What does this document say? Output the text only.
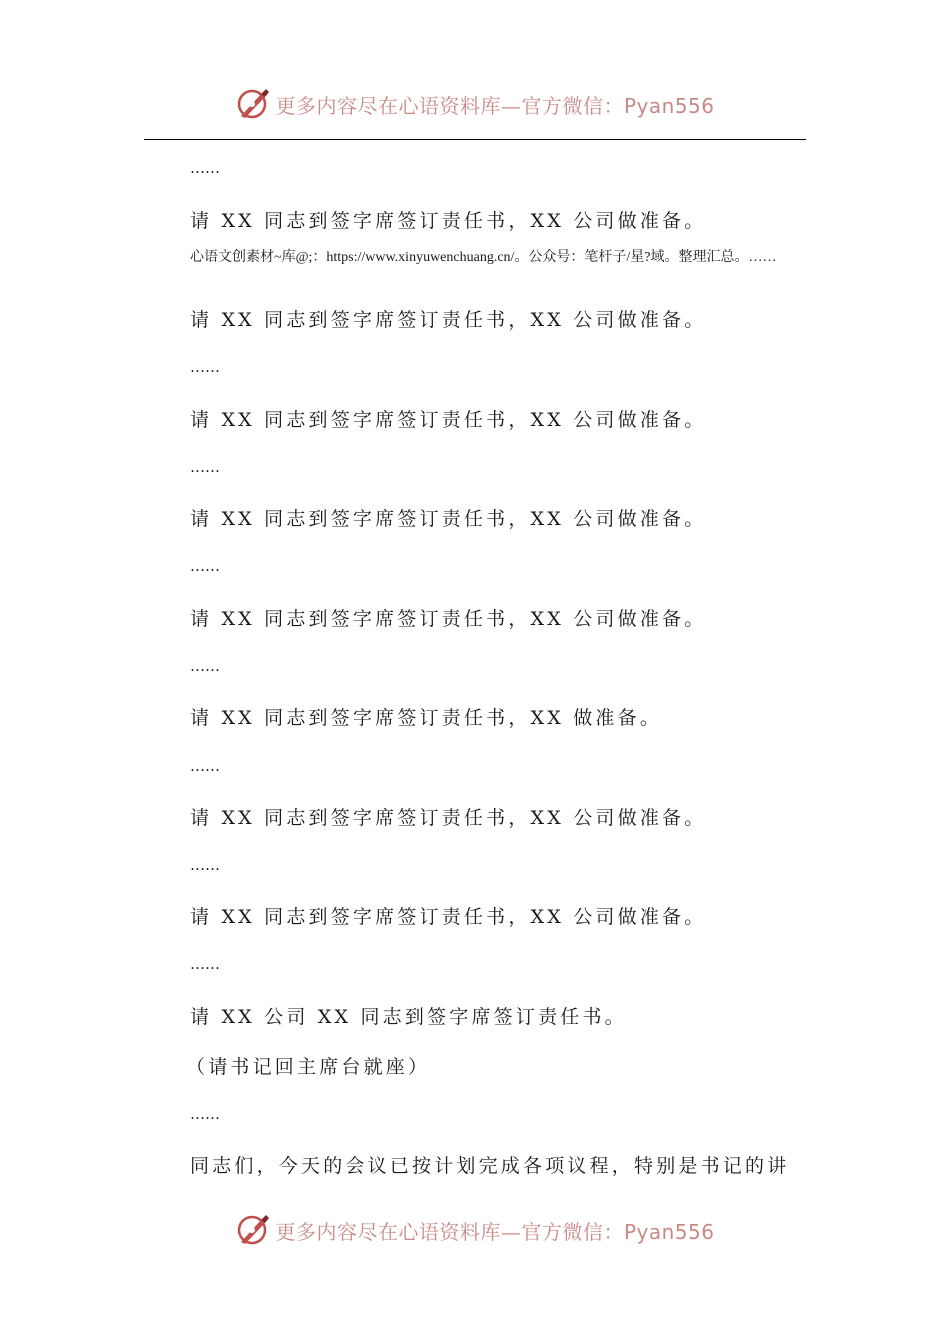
更多内容尽在心语资料库—官方微信：Pyan556
……
请 XX 同志到签字席签订责任书，XX 公司做准备。

心语文创素材~库@;：https://www.xinyuwenchuang.cn/。公众号：笔杆子/星?域。整理汇总。……

请 XX 同志到签字席签订责任书，XX 公司做准备。
……
请 XX 同志到签字席签订责任书，XX 公司做准备。
……
请 XX 同志到签字席签订责任书，XX 公司做准备。
……
请 XX 同志到签字席签订责任书，XX 公司做准备。
……
请 XX 同志到签字席签订责任书，XX 做准备。
……
请 XX 同志到签字席签订责任书，XX 公司做准备。
……
请 XX 同志到签字席签订责任书，XX 公司做准备。
……
请 XX 公司 XX 同志到签字席签订责任书。
（请书记回主席台就座）
……
同志们，今天的会议已按计划完成各项议程，特别是书记的讲
更多内容尽在心语资料库—官方微信：Pyan556
